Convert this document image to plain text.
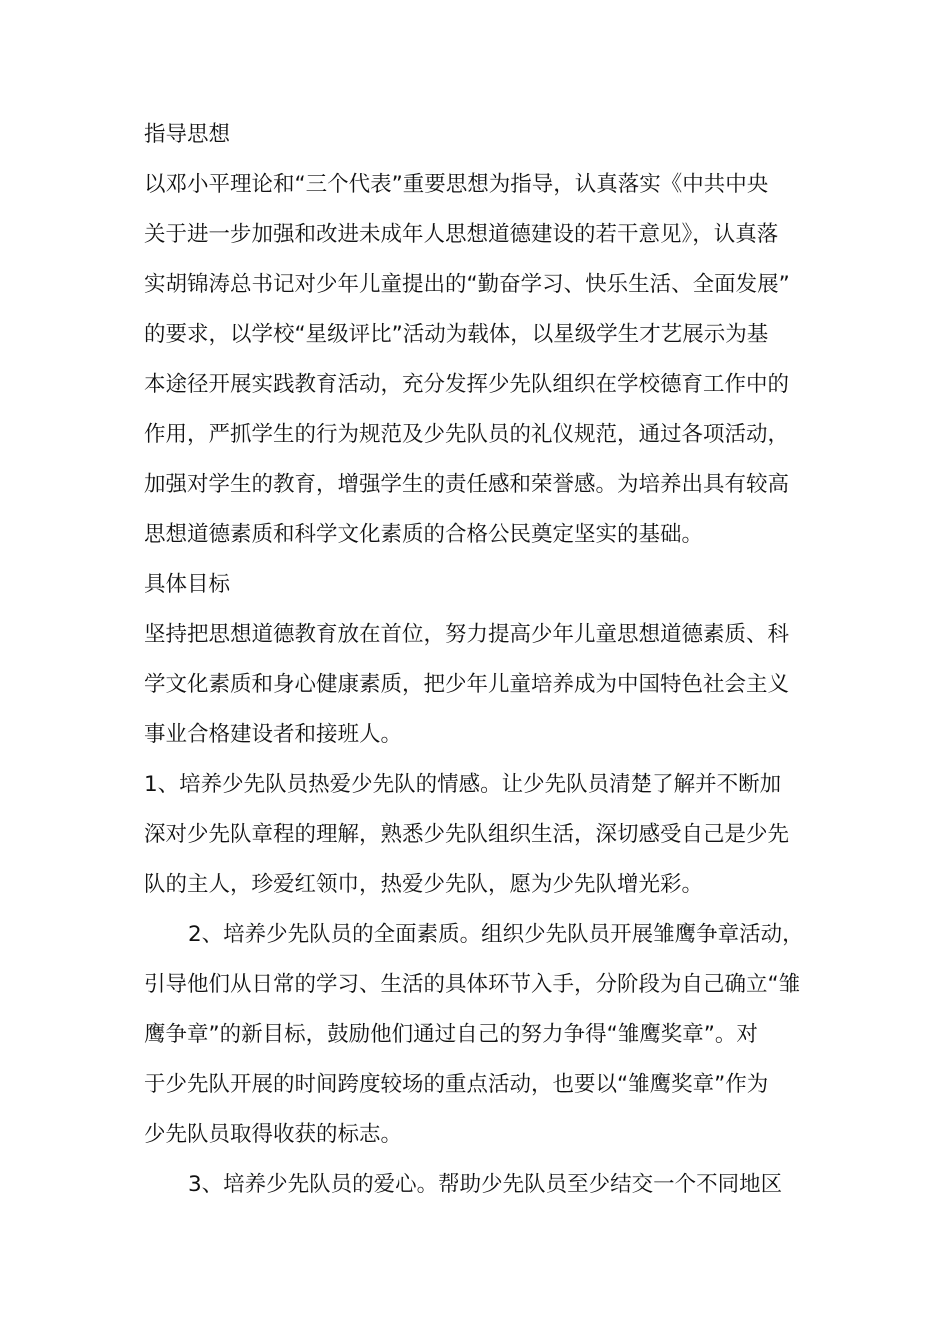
指导思想
以邓小平理论和“三个代表”重要思想为指导，认真落实《中共中央
关于进一步加强和改进未成年人思想道德建设的若干意见》，认真落
实胡锦涛总书记对少年儿童提出的“勤奋学习、快乐生活、全面发展”
的要求，以学校“星级评比”活动为载体，以星级学生才艺展示为基
本途径开展实践教育活动，充分发挥少先队组织在学校德育工作中的
作用，严抓学生的行为规范及少先队员的礼仪规范，通过各项活动，
加强对学生的教育，增强学生的责任感和荣誉感。为培养出具有较高
思想道德素质和科学文化素质的合格公民奠定坚实的基础。
具体目标
坚持把思想道德教育放在首位，努力提高少年儿童思想道德素质、科
学文化素质和身心健康素质，把少年儿童培养成为中国特色社会主义
事业合格建设者和接班人。
1、培养少先队员热爱少先队的情感。让少先队员清楚了解并不断加
深对少先队章程的理解，熟悉少先队组织生活，深切感受自己是少先
队的主人，珍爱红领巾，热爱少先队，愿为少先队增光彩。
2、培养少先队员的全面素质。组织少先队员开展雏鹰争章活动，
引导他们从日常的学习、生活的具体环节入手，分阶段为自己确立“雏
鹰争章”的新目标，鼓励他们通过自己的努力争得“雏鹰奖章”。对
于少先队开展的时间跨度较场的重点活动，也要以“雏鹰奖章”作为
少先队员取得收获的标志。
3、培养少先队员的爱心。帮助少先队员至少结交一个不同地区
